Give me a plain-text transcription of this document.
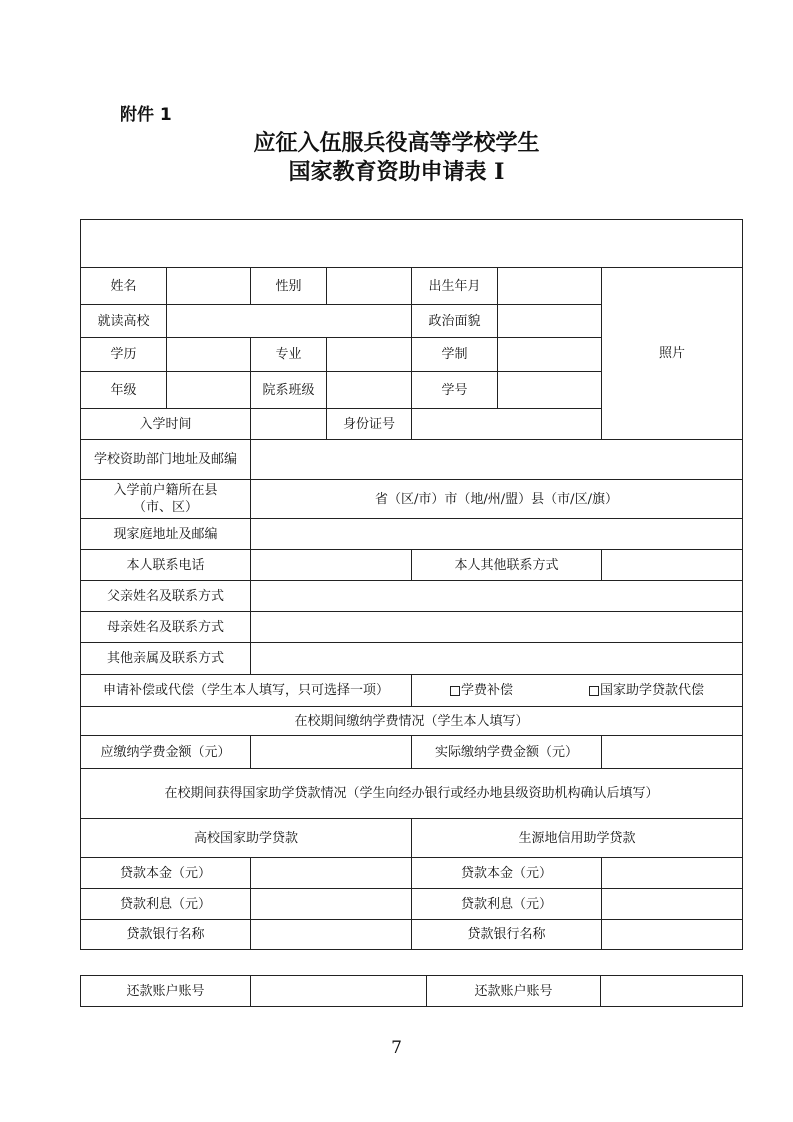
附件 1
应征入伍服兵役高等学校学生
国家教育资助申请表 I

姓名		性别		出生年月		照片
就读高校				政治面貌		
学历		专业		学制		
年级		院系班级		学号		
入学时间			身份证号			
学校资助部门地址及邮编						

入学前户籍所在县
（市、区）		省（区/市）市（地/州/盟）县（市/区/旗）				
现家庭地址及邮编						
本人联系电话				本人其他联系方式		
父亲姓名及联系方式						
母亲姓名及联系方式						
其他亲属及联系方式						
申请补偿或代偿（学生本人填写，只可选择一项）				学费补偿 国家助学贷款代偿		

在校期间缴纳学费情况（学生本人填写）						
应缴纳学费金额（元）				实际缴纳学费金额（元）		
在校期间获得国家助学贷款情况（学生向经办银行或经办地县级资助机构确认后填写）						
高校国家助学贷款				生源地信用助学贷款		
贷款本金（元）				贷款本金（元）		
贷款利息（元）				贷款利息（元）		
贷款银行名称				贷款银行名称		
还款账户账号		还款账户账号	
7
